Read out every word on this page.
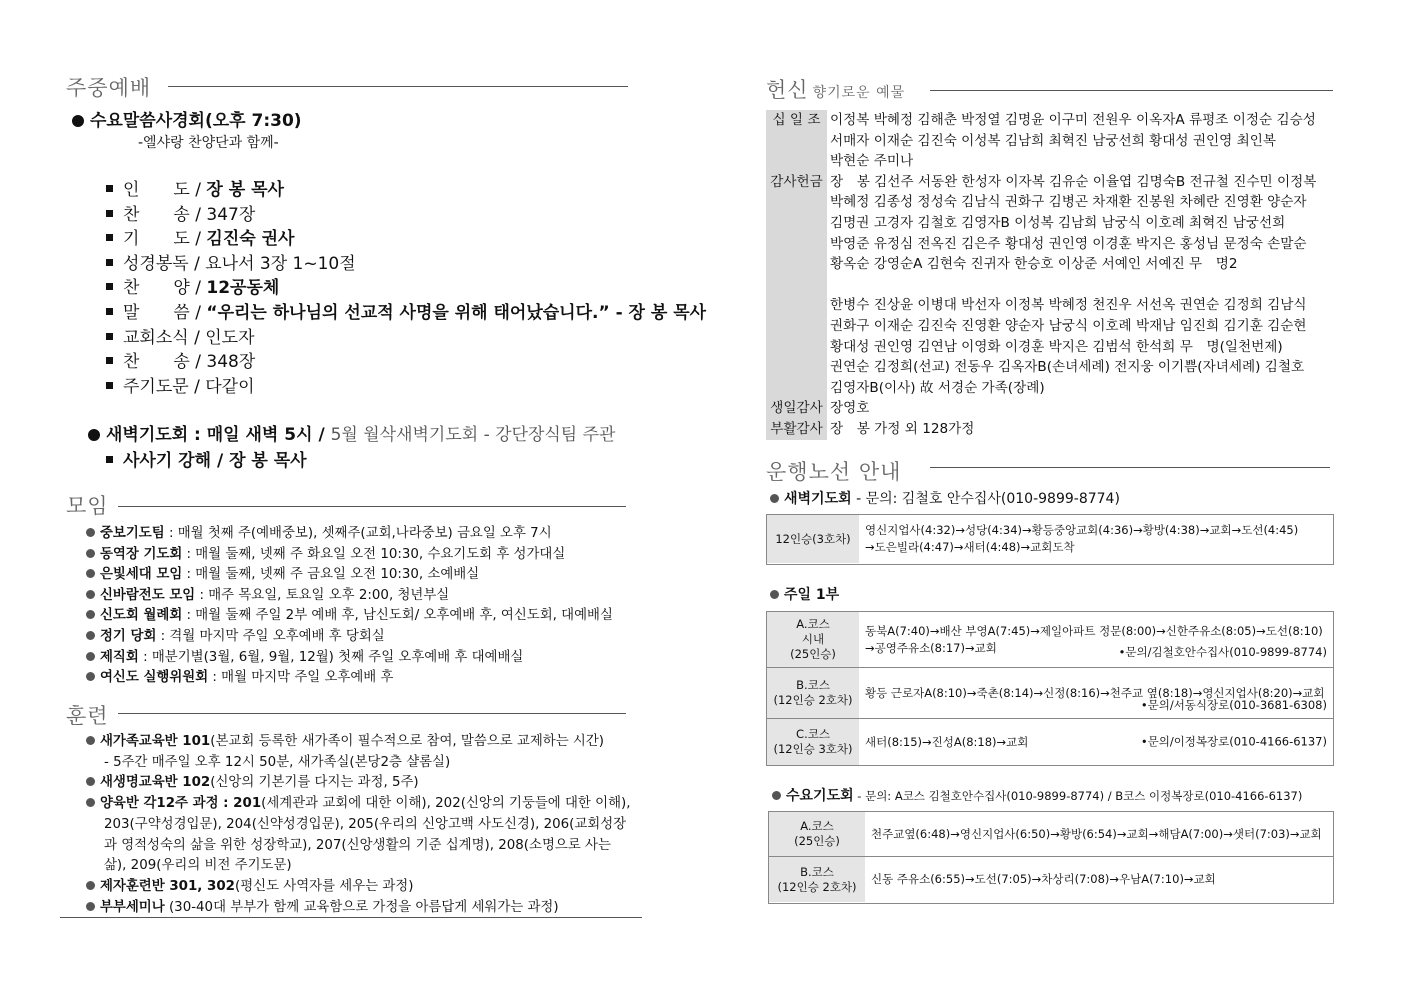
주중예배
수요말씀사경회(오후 7:30)
-엘샤랑 찬양단과 함께-
인　　도 / 장 봉 목사
찬　　송 / 347장
기　　도 / 김진숙 권사
성경봉독 / 요나서 3장 1~10절
찬　　양 / 12공동체
말　　씀 / “우리는 하나님의 선교적 사명을 위해 태어났습니다.” - 장 봉 목사
교회소식 / 인도자
찬　　송 / 348장
주기도문 / 다같이
새벽기도회 : 매일 새벽 5시 / 5월 월삭새벽기도회 - 강단장식팀 주관
사사기 강해 / 장 봉 목사
모임
중보기도팀 : 매월 첫째 주(예배중보), 셋째주(교회,나라중보) 금요일 오후 7시
동역장 기도회 : 매월 둘째, 넷째 주 화요일 오전 10:30, 수요기도회 후 성가대실
은빛세대 모임 : 매월 둘째, 넷째 주 금요일 오전 10:30, 소예배실
신바람전도 모임 : 매주 목요일, 토요일 오후 2:00, 청년부실
신도회 월례회 : 매월 둘째 주일 2부 예배 후, 남신도회/ 오후예배 후, 여신도회, 대예배실
정기 당회 : 격월 마지막 주일 오후예배 후 당회실
제직회 : 매분기별(3월, 6월, 9월, 12월) 첫째 주일 오후예배 후 대예배실
여신도 실행위원회 : 매월 마지막 주일 오후예배 후
훈련
새가족교육반 101(본교회 등록한 새가족이 필수적으로 참여, 말씀으로 교제하는 시간)
- 5주간 매주일 오후 12시 50분, 새가족실(본당2층 샬롬실)
새생명교육반 102(신앙의 기본기를 다지는 과정, 5주)
양육반 각12주 과정 : 201(세계관과 교회에 대한 이해), 202(신앙의 기둥들에 대한 이해),
203(구약성경입문), 204(신약성경입문), 205(우리의 신앙고백 사도신경), 206(교회성장
과 영적성숙의 삶을 위한 성장학교), 207(신앙생활의 기준 십계명), 208(소명으로 사는
삶), 209(우리의 비전 주기도문)
제자훈련반 301, 302(평신도 사역자를 세우는 과정)
부부세미나 (30-40대 부부가 함께 교육함으로 가정을 아름답게 세워가는 과정)
헌신 향기로운 예물
십 일 조 이정복 박혜정 김해춘 박정열 김명윤 이구미 전원우 이옥자A 류평조 이정순 김승성
서매자 이재순 김진숙 이성복 김남희 최혁진 남궁선희 황대성 권인영 최인복
박현순 주미나
감사헌금 장　봉 김선주 서동완 한성자 이자복 김유순 이율엽 김명숙B 전규철 진수민 이정복
박혜정 김종성 정성숙 김남식 권화구 김병곤 차재환 진봉원 차혜란 진영환 양순자
김명권 고경자 김철호 김영자B 이성복 김남희 남궁식 이호례 최혁진 남궁선희
박영준 유정심 전옥진 김은주 황대성 권인영 이경훈 박지은 홍성님 문정숙 손말순
황옥순 강영순A 김현숙 진귀자 한승호 이상준 서예인 서예진 무　명2

한병수 진상윤 이병대 박선자 이정복 박혜정 천진우 서선옥 권연순 김정희 김남식
권화구 이재순 김진숙 진영환 양순자 남궁식 이호례 박재남 임진희 김기훈 김순현
황대성 권인영 김연남 이영화 이경훈 박지은 김범석 한석희 무　명(일천번제)
권연순 김정희(선교) 전동우 김옥자B(손녀세례) 전지웅 이기쁨(자녀세례) 김철호
김영자B(이사) 故 서경순 가족(장례)
생일감사 장영호
부활감사 장　봉 가정 외 128가정
운행노선 안내
새벽기도회 - 문의: 김철호 안수집사(010-9899-8774)
12인승(3호차)
영신지업사(4:32)→성당(4:34)→황등중앙교회(4:36)→황방(4:38)→교회→도선(4:45)
→도은빌라(4:47)→새터(4:48)→교회도착
주일 1부
A.코스
시내
(25인승)
동북A(7:40)→배산 부영A(7:45)→제일아파트 정문(8:00)→신한주유소(8:05)→도선(8:10)
→공영주유소(8:17)→교회	•문의/김철호안수집사(010-9899-8774)
B.코스
(12인승 2호차)
황등 근로자A(8:10)→죽촌(8:14)→신정(8:16)→천주교 옆(8:18)→영신지업사(8:20)→교회
•문의/서동식장로(010-3681-6308)
C.코스
(12인승 3호차)
새터(8:15)→진성A(8:18)→교회	•문의/이정복장로(010-4166-6137)
수요기도회 - 문의: A코스 김철호안수집사(010-9899-8774) / B코스 이정복장로(010-4166-6137)
A.코스
(25인승)
천주교옆(6:48)→영신지업사(6:50)→황방(6:54)→교회→해담A(7:00)→샛터(7:03)→교회
B.코스
(12인승 2호차)
신동 주유소(6:55)→도선(7:05)→차상리(7:08)→우남A(7:10)→교회
